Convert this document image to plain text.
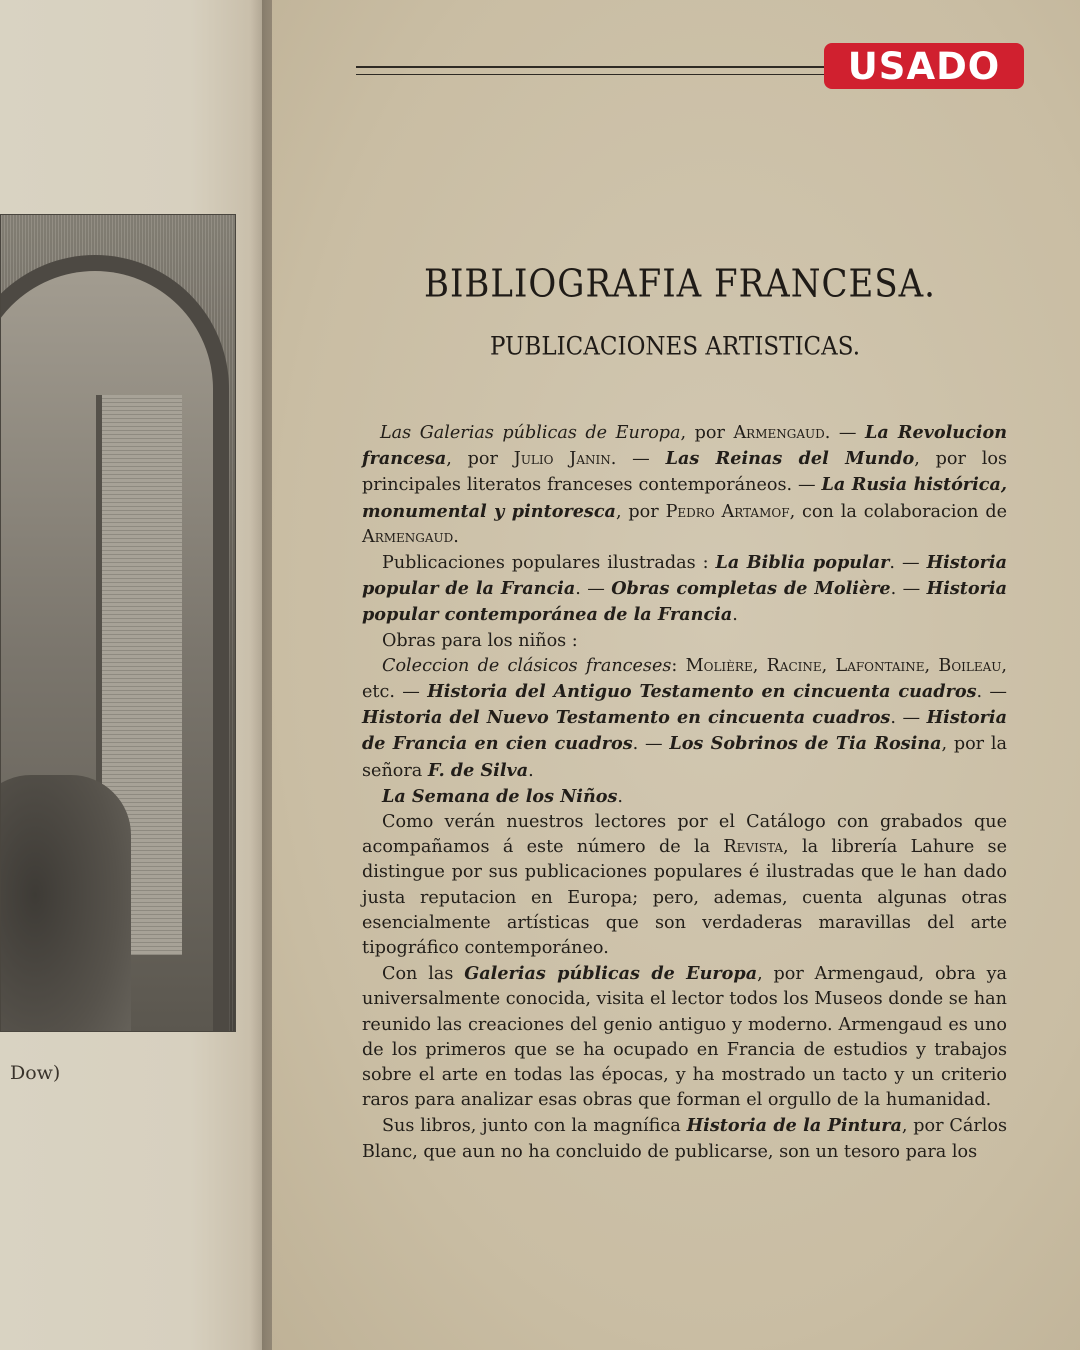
Dow)
USADO
BIBLIOGRAFIA FRANCESA.
PUBLICACIONES ARTISTICAS.

Las Galerias públicas de Europa, por Armengaud. — La Revolucion francesa, por Julio Janin. — Las Reinas del Mundo, por los principales literatos franceses contemporáneos. — La Rusia histórica, monumental y pintoresca, por Pedro Artamof, con la colaboracion de Armengaud.

Publicaciones populares ilustradas : La Biblia popular. — Historia popular de la Francia. — Obras completas de Molière. — Historia popular contemporánea de la Francia.

Obras para los niños :

Coleccion de clásicos franceses: Molière, Racine, Lafontaine, Boileau, etc. — Historia del Antiguo Testamento en cincuenta cuadros. — Historia del Nuevo Testamento en cincuenta cuadros. — Historia de Francia en cien cuadros. — Los Sobrinos de Tia Rosina, por la señora F. de Silva.

La Semana de los Niños.

Como verán nuestros lectores por el Catálogo con grabados que acompañamos á este número de la Revista, la librería Lahure se distingue por sus publicaciones populares é ilustradas que le han dado justa reputacion en Europa; pero, ademas, cuenta algunas otras esencialmente artísticas que son verdaderas maravillas del arte tipográfico contemporáneo.

Con las Galerias públicas de Europa, por Armengaud, obra ya universalmente conocida, visita el lector todos los Museos donde se han reunido las creaciones del genio antiguo y moderno. Armengaud es uno de los primeros que se ha ocupado en Francia de estudios y trabajos sobre el arte en todas las épocas, y ha mostrado un tacto y un criterio raros para analizar esas obras que forman el orgullo de la humanidad.

Sus libros, junto con la magnífica Historia de la Pintura, por Cárlos Blanc, que aun no ha concluido de publicarse, son un tesoro para los
